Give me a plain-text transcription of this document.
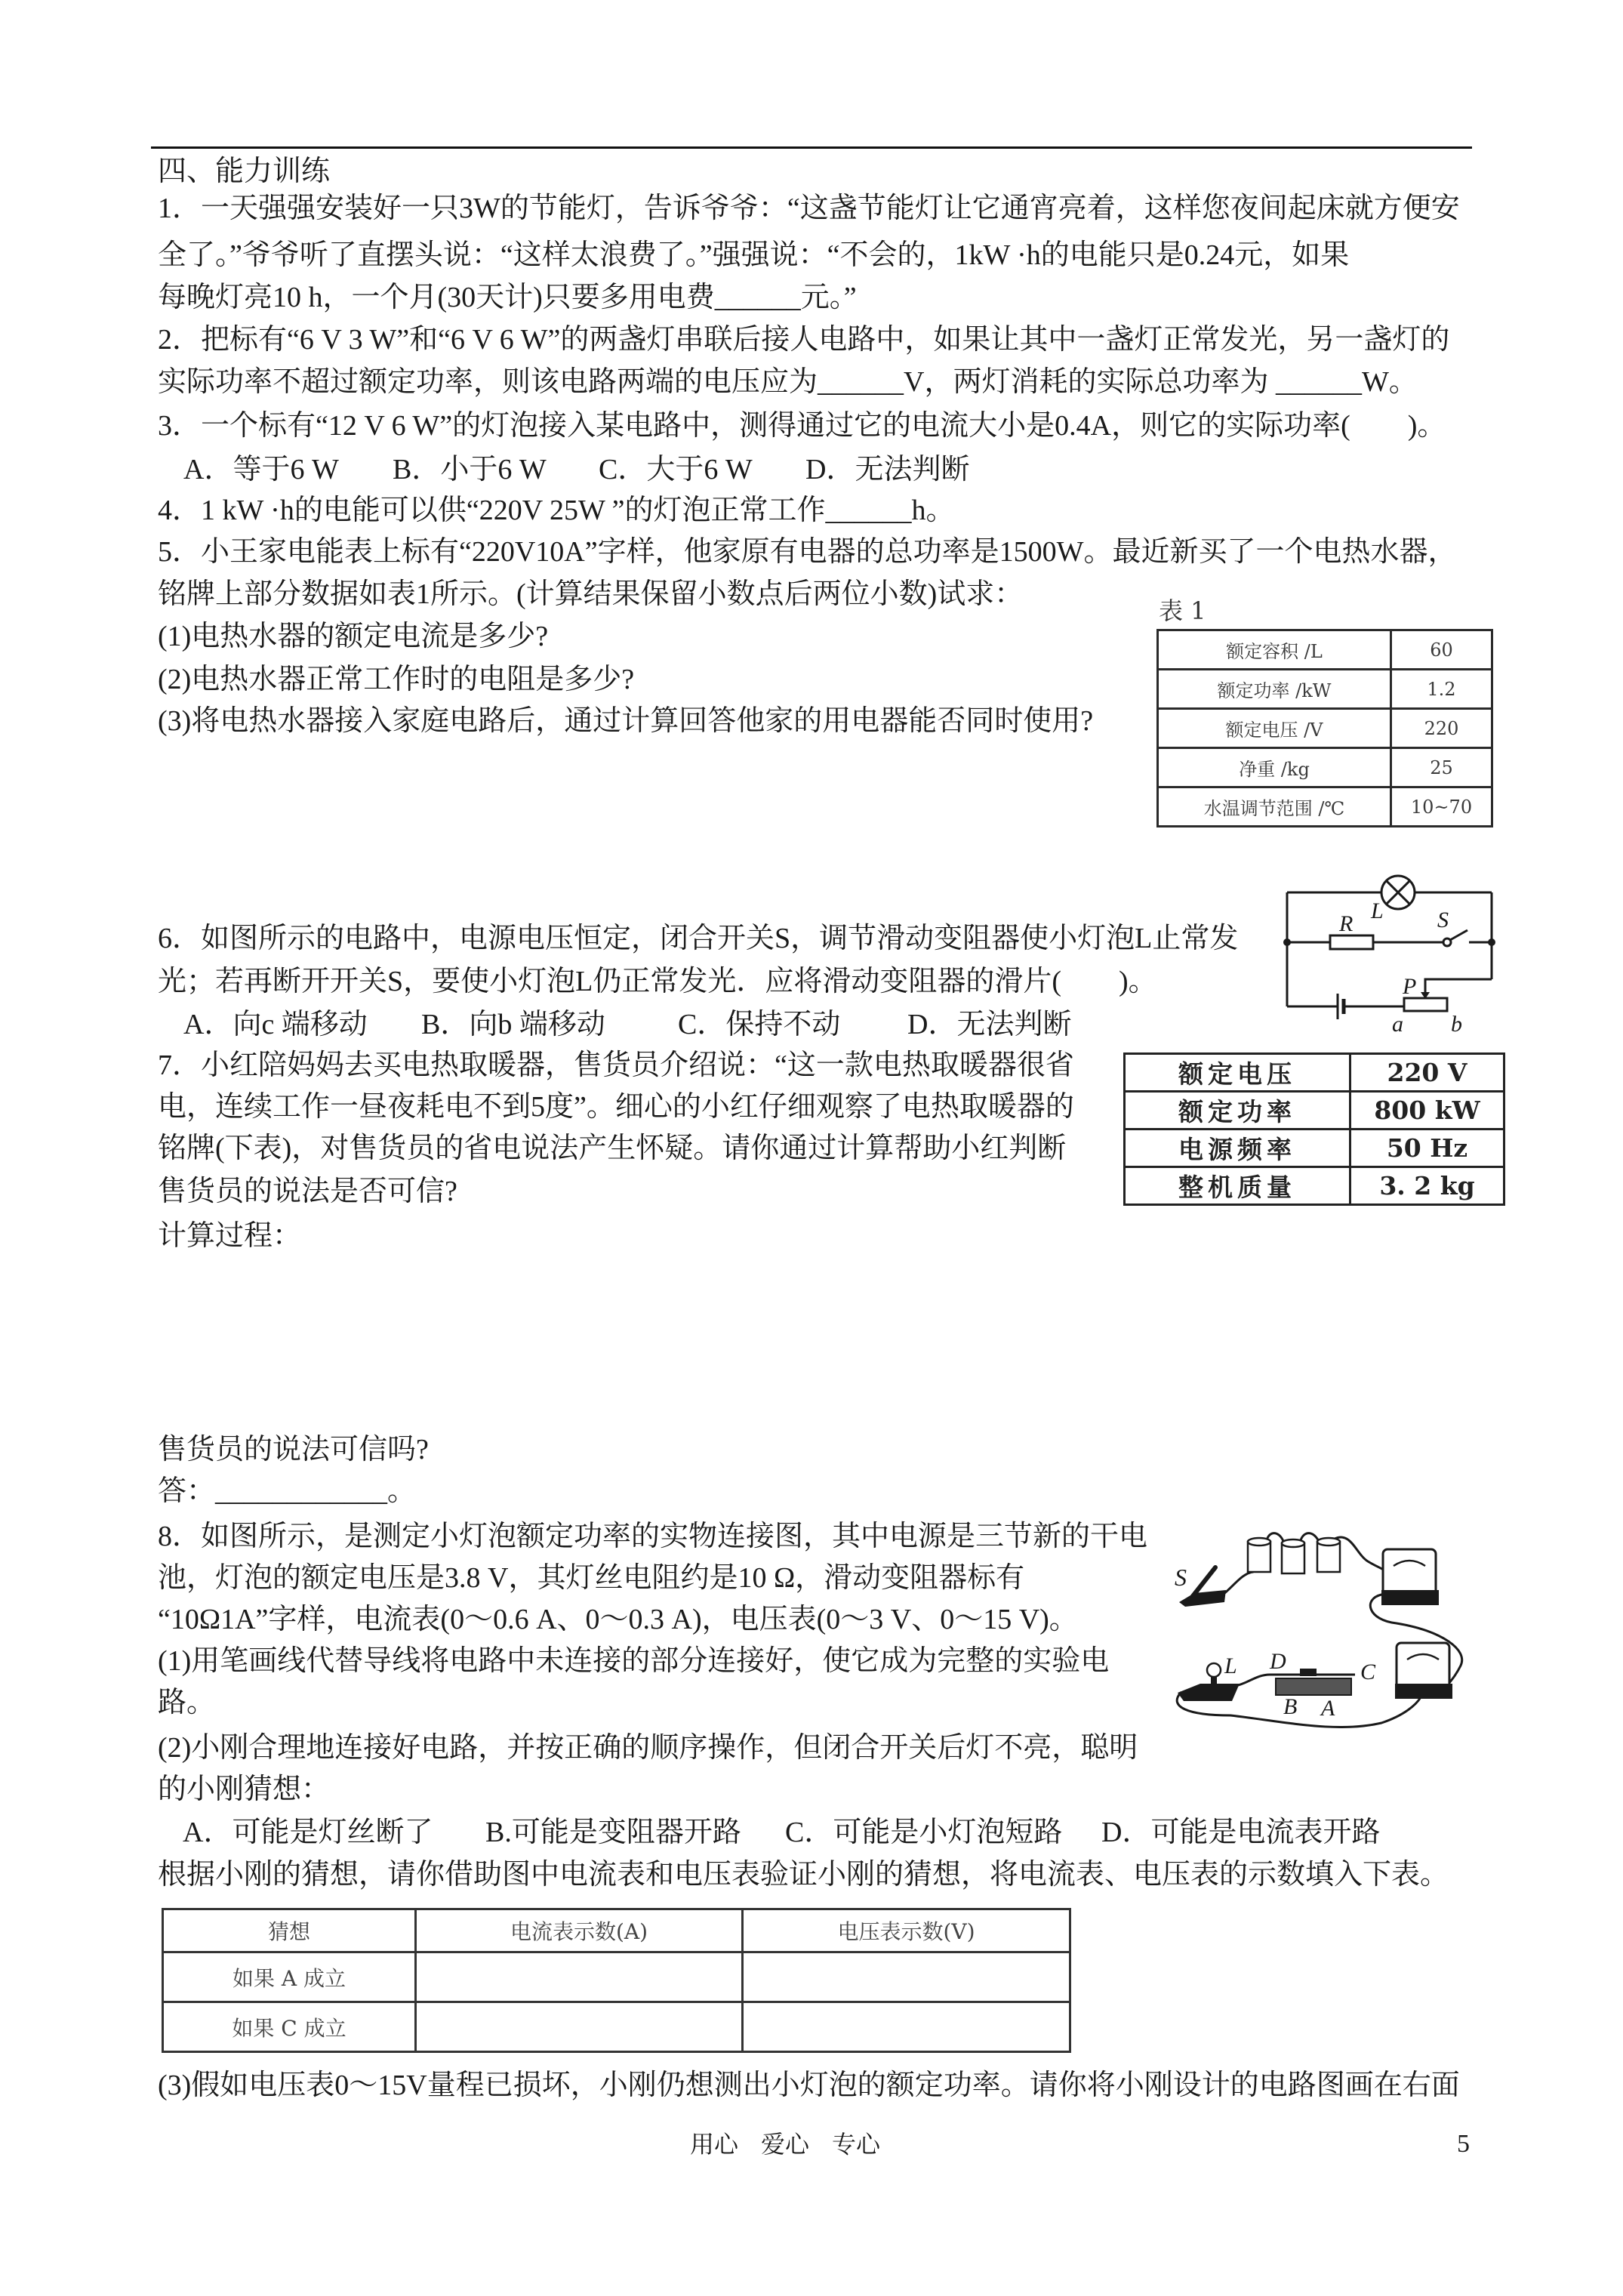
四、能力训练
1．一天强强安装好一只3W的节能灯，告诉爷爷：“这盏节能灯让它通宵亮着，这样您夜间起床就方便安
全了。”爷爷听了直摆头说：“这样太浪费了。”强强说：“不会的，1kW ·h的电能只是0.24元，如果
每晚灯亮10 h，一个月(30天计)只要多用电费______元。”
2．把标有“6 V 3 W”和“6 V 6 W”的两盏灯串联后接人电路中，如果让其中一盏灯正常发光，另一盏灯的
实际功率不超过额定功率，则该电路两端的电压应为______V，两灯消耗的实际总功率为 ______W。
3．一个标有“12 V 6 W”的灯泡接入某电路中，测得通过它的电流大小是0.4A，则它的实际功率(　　)。
A．等于6 W B．小于6 W C．大于6 W D．无法判断
4．1 kW ·h的电能可以供“220V 25W ”的灯泡正常工作______h。
5．小王家电能表上标有“220V10A”字样，他家原有电器的总功率是1500W。最近新买了一个电热水器，
铭牌上部分数据如表1所示。(计算结果保留小数点后两位小数)试求：
(1)电热水器的额定电流是多少?
(2)电热水器正常工作时的电阻是多少?
(3)将电热水器接入家庭电路后，通过计算回答他家的用电器能否同时使用?
表 1
额定容积 /L	60
额定功率 /kW	1.2
额定电压 /V	220
净重 /kg	25
水温调节范围 /℃	10~70
6．如图所示的电路中，电源电压恒定，闭合开关S，调节滑动变阻器使小灯泡L止常发
光；若再断开开关S，要使小灯泡L仍正常发光．应将滑动变阻器的滑片(　　)。
A．向c 端移动 B．向b 端移动	C．保持不动 D．无法判断
L
R	S
P
a b
7．小红陪妈妈去买电热取暖器，售货员介绍说：“这一款电热取暖器很省
电，连续工作一昼夜耗电不到5度”。细心的小红仔细观察了电热取暖器的
铭牌(下表)，对售货员的省电说法产生怀疑。请你通过计算帮助小红判断
售货员的说法是否可信?
计算过程：
售货员的说法可信吗?
答：____________。
额定电压	220 V
额定功率	800 kW
电源频率	50 Hz
整机质量	3. 2 kg
8．如图所示，是测定小灯泡额定功率的实物连接图，其中电源是三节新的干电
池，灯泡的额定电压是3.8 V，其灯丝电阻约是10 Ω，滑动变阻器标有
“10Ω1A”字样，电流表(0～0.6 A、0～0.3 A)，电压表(0～3 V、0～15 V)。
(1)用笔画线代替导线将电路中未连接的部分连接好，使它成为完整的实验电
路。
(2)小刚合理地连接好电路，并按正确的顺序操作，但闭合开关后灯不亮，聪明
的小刚猜想：
A．可能是灯丝断了 B.可能是变阻器开路 C．可能是小灯泡短路 D．可能是电流表开路
根据小刚的猜想，请你借助图中电流表和电压表验证小刚的猜想，将电流表、电压表的示数填入下表。
S
L D	C
B A
猜想	电流表示数(A)	电压表示数(V)
如果 A 成立		
如果 C 成立		
(3)假如电压表0～15V量程已损坏，小刚仍想测出小灯泡的额定功率。请你将小刚设计的电路图画在右面
用心 爱心 专心	5
